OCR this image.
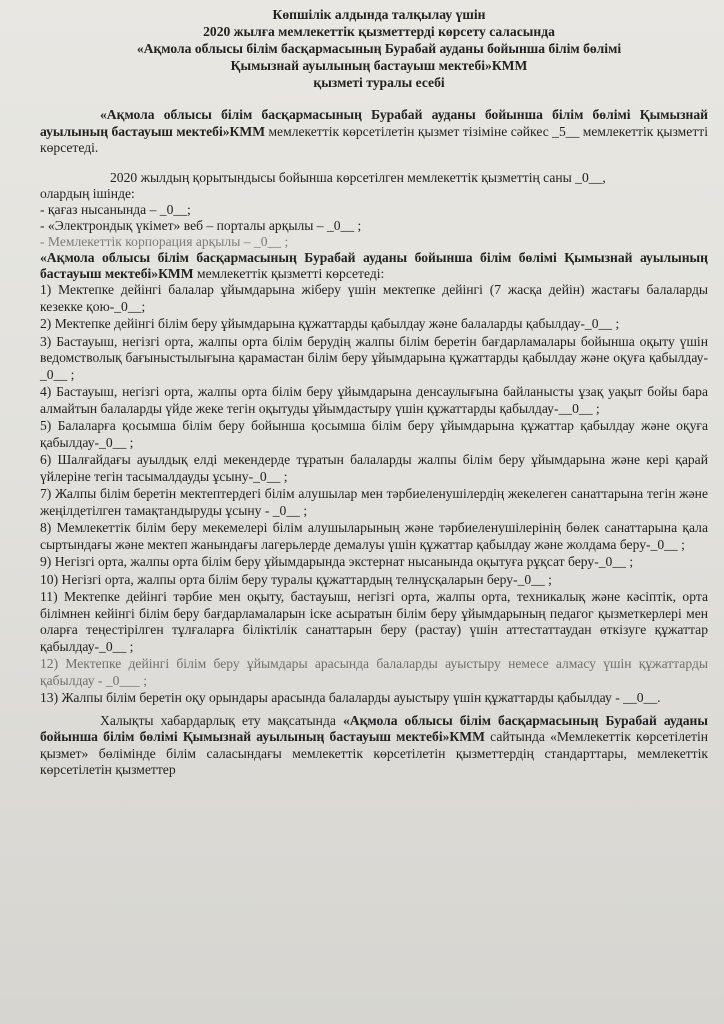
Көпшілік алдында талқылау үшін
2020 жылға мемлекеттік қызметтерді көрсету саласында
«Ақмола облысы білім басқармасының Бурабай ауданы бойынша білім бөлімі
Қымызнай ауылының бастауыш мектебі»КММ
қызметі туралы есебі

«Ақмола облысы білім басқармасының Бурабай ауданы бойынша білім бөлімі Қымызнай ауылының бастауыш мектебі»КММ мемлекеттік көрсетілетін қызмет тізіміне сәйкес _5__ мемлекеттік қызметті көрсетеді.

2020 жылдың қорытындысы бойынша көрсетілген мемлекеттік қызметтің саны _0__,
олардың ішінде:
- қағаз нысанында – _0__;
- «Электрондық үкімет» веб – порталы арқылы – _0__ ;
- Мемлекеттік корпорация арқылы – _0__ ;

«Ақмола облысы білім басқармасының Бурабай ауданы бойынша білім бөлімі Қымызнай ауылының бастауыш мектебі»КММ мемлекеттік қызметті көрсетеді:

1) Мектепке дейінгі балалар ұйымдарына жіберу үшін мектепке дейінгі (7 жасқа дейін) жастағы балаларды кезекке қою-_0__;

2) Мектепке дейінгі білім беру ұйымдарына құжаттарды қабылдау және балаларды қабылдау-_0__ ;

3) Бастауыш, негізгі орта, жалпы орта білім берудің жалпы білім беретін бағдарламалары бойынша оқыту үшін ведомстволық бағыныстылығына қарамастан білім беру ұйымдарына құжаттарды қабылдау және оқуға қабылдау-_0__ ;

4) Бастауыш, негізгі орта, жалпы орта білім беру ұйымдарына денсаулығына байланысты ұзақ уақыт бойы бара алмайтын балаларды үйде жеке тегін оқытуды ұйымдастыру үшін құжаттарды қабылдау-__0__ ;

5) Балаларға қосымша білім беру бойынша қосымша білім беру ұйымдарына құжаттар қабылдау және оқуға қабылдау-_0__ ;

6) Шалғайдағы ауылдық елді мекендерде тұратын балаларды жалпы білім беру ұйымдарына және кері қарай үйлеріне тегін тасымалдауды ұсыну-_0__ ;

7) Жалпы білім беретін мектептердегі білім алушылар мен тәрбиеленушілердің жекелеген санаттарына тегін және жеңілдетілген тамақтандыруды ұсыну - _0__ ;

8) Мемлекеттік білім беру мекемелері білім алушыларының және тәрбиеленушілерінің бөлек санаттарына қала сыртындағы және мектеп жанындағы лагерьлерде демалуы үшін құжаттар қабылдау және жолдама беру-_0__ ;

9) Негізгі орта, жалпы орта білім беру ұйымдарында экстернат нысанында оқытуға рұқсат беру-_0__ ;

10) Негізгі орта, жалпы орта білім беру туралы құжаттардың телнұсқаларын беру-_0__ ;

11) Мектепке дейінгі тәрбие мен оқыту, бастауыш, негізгі орта, жалпы орта, техникалық және кәсіптік, орта білімнен кейінгі білім беру бағдарламаларын іске асыратын білім беру ұйымдарының педагог қызметкерлері мен оларға теңестірілген тұлғаларға біліктілік санаттарын беру (растау) үшін аттестаттаудан өткізуге құжаттар қабылдау-_0__ ;

12) Мектепке дейінгі білім беру ұйымдары арасында балаларды ауыстыру немесе алмасу үшін құжаттарды қабылдау - _0___ ;

13) Жалпы білім беретін оқу орындары арасында балаларды ауыстыру үшін құжаттарды қабылдау - __0__.

Халықты хабардарлық ету мақсатында «Ақмола облысы білім басқармасының Бурабай ауданы бойынша білім бөлімі Қымызнай ауылының бастауыш мектебі»КММ сайтында «Мемлекеттік көрсетілетін қызмет» бөлімінде білім саласындағы мемлекеттік көрсетілетін қызметтердің стандарттары, мемлекеттік көрсетілетін қызметтер
